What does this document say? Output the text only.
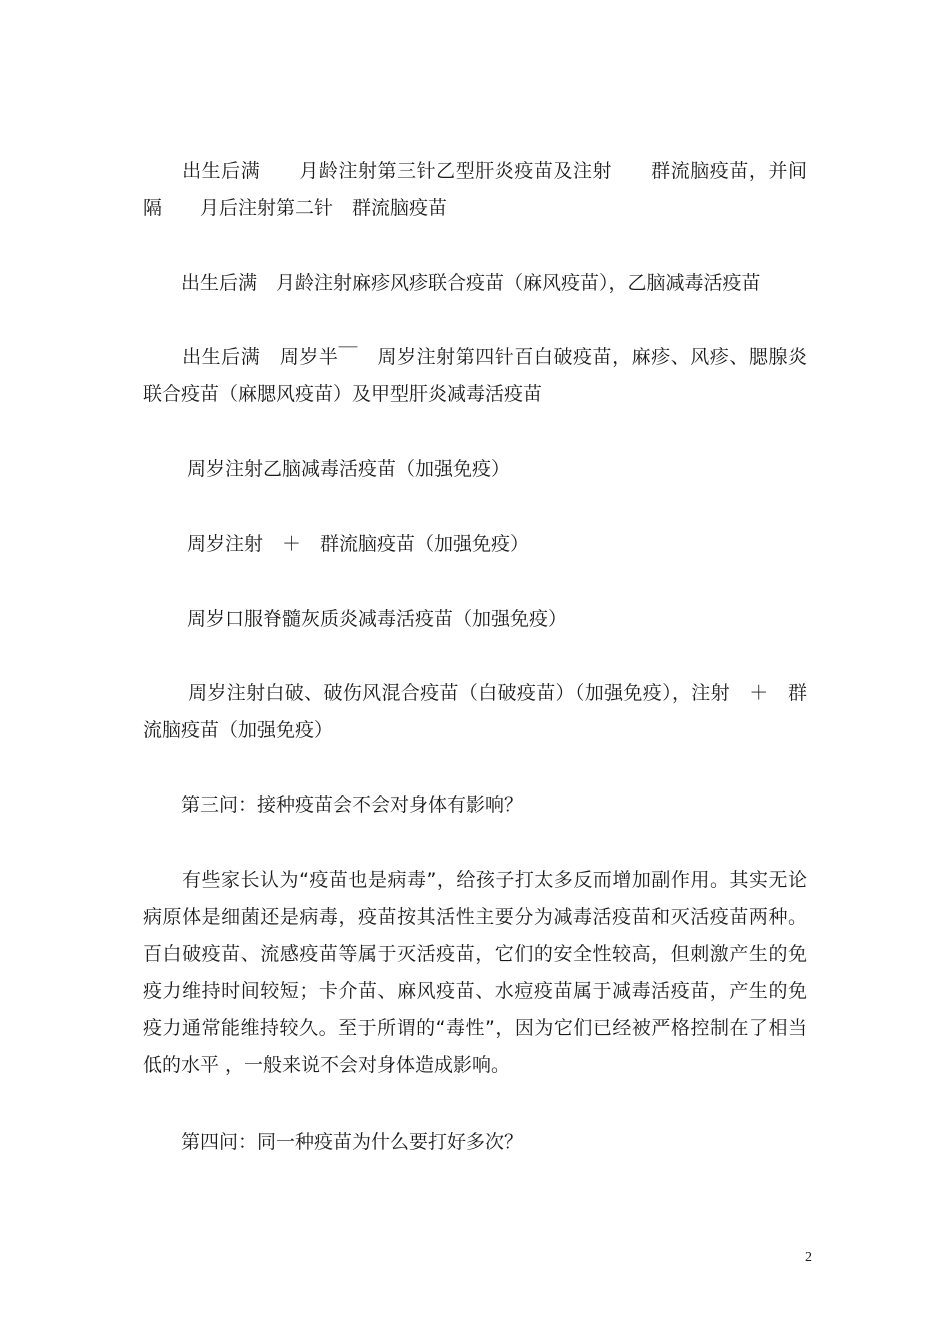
　　出生后满　　月龄注射第三针乙型肝炎疫苗及注射　　群流脑疫苗，并间隔　　月后注射第二针　群流脑疫苗

　　出生后满　月龄注射麻疹风疹联合疫苗（麻风疫苗），乙脑减毒活疫苗

　　出生后满　周岁半￣　周岁注射第四针百白破疫苗，麻疹、风疹、腮腺炎联合疫苗（麻腮风疫苗）及甲型肝炎减毒活疫苗

　　 周岁注射乙脑减毒活疫苗（加强免疫）

　　 周岁注射　＋　群流脑疫苗（加强免疫）

　　 周岁口服脊髓灰质炎减毒活疫苗（加强免疫）

　　 周岁注射白破、破伤风混合疫苗（白破疫苗）（加强免疫），注射　＋　群流脑疫苗（加强免疫）

　　第三问：接种疫苗会不会对身体有影响？

　　有些家长认为“疫苗也是病毒”，给孩子打太多反而增加副作用。其实无论病原体是细菌还是病毒，疫苗按其活性主要分为减毒活疫苗和灭活疫苗两种。百白破疫苗、流感疫苗等属于灭活疫苗，它们的安全性较高，但刺激产生的免疫力维持时间较短；卡介苗、麻风疫苗、水痘疫苗属于减毒活疫苗，产生的免疫力通常能维持较久。至于所谓的“毒性”，因为它们已经被严格控制在了相当低的水平 ，一般来说不会对身体造成影响。

　　第四问：同一种疫苗为什么要打好多次？

2
